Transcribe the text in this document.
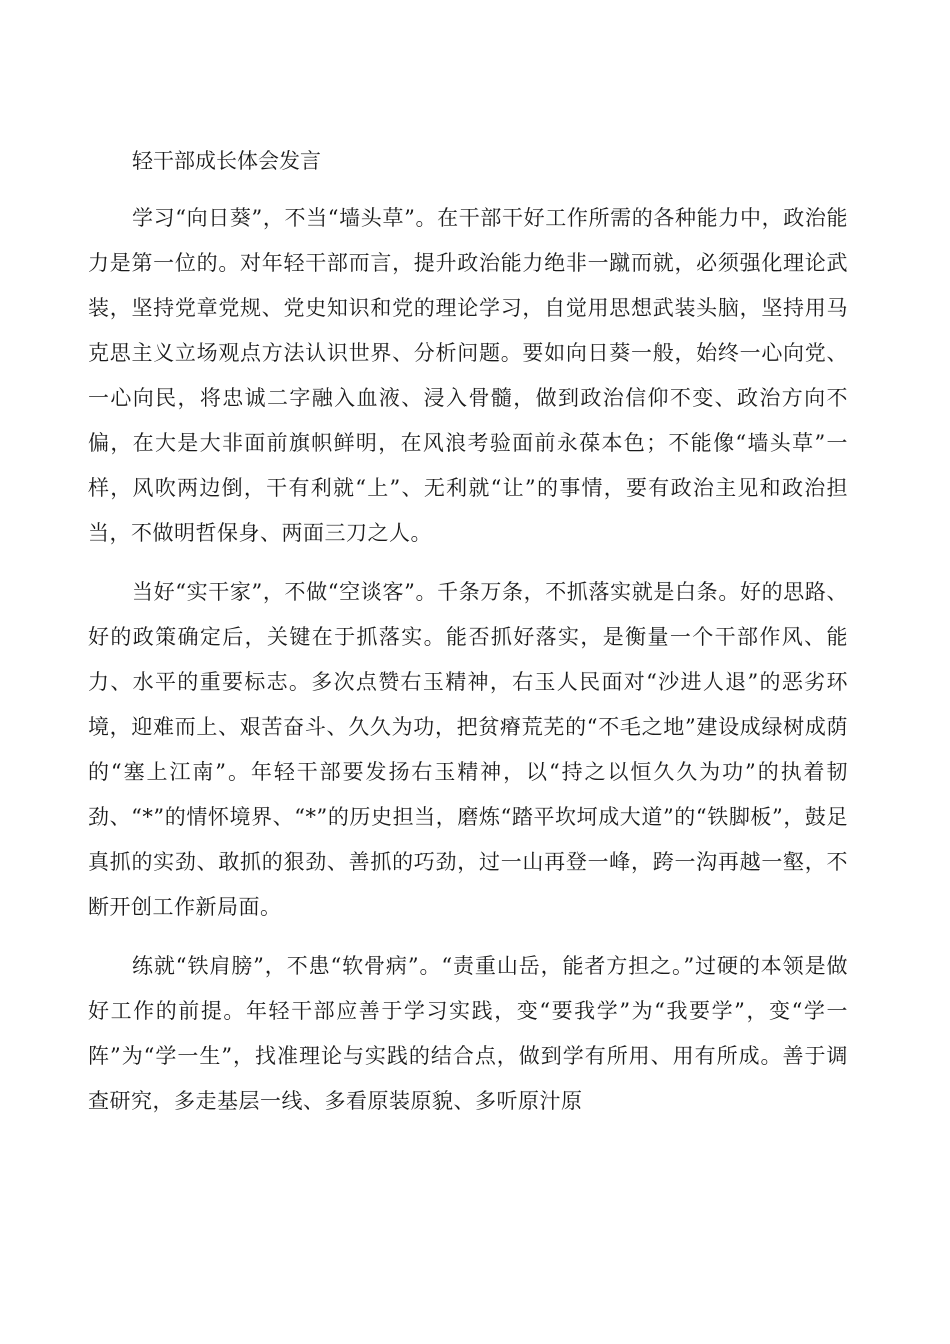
轻干部成长体会发言

学习“向日葵”，不当“墙头草”。在干部干好工作所需的各种能力中，政治能力是第一位的。对年轻干部而言，提升政治能力绝非一蹴而就，必须强化理论武装，坚持党章党规、党史知识和党的理论学习，自觉用思想武装头脑，坚持用马克思主义立场观点方法认识世界、分析问题。要如向日葵一般，始终一心向党、一心向民，将忠诚二字融入血液、浸入骨髓，做到政治信仰不变、政治方向不偏，在大是大非面前旗帜鲜明，在风浪考验面前永葆本色；不能像“墙头草”一样，风吹两边倒，干有利就“上”、无利就“让”的事情，要有政治主见和政治担当，不做明哲保身、两面三刀之人。

当好“实干家”，不做“空谈客”。千条万条，不抓落实就是白条。好的思路、好的政策确定后，关键在于抓落实。能否抓好落实，是衡量一个干部作风、能力、水平的重要标志。多次点赞右玉精神，右玉人民面对“沙进人退”的恶劣环境，迎难而上、艰苦奋斗、久久为功，把贫瘠荒芜的“不毛之地”建设成绿树成荫的“塞上江南”。年轻干部要发扬右玉精神，以“持之以恒久久为功”的执着韧劲、“*”的情怀境界、“*”的历史担当，磨炼“踏平坎坷成大道”的“铁脚板”，鼓足真抓的实劲、敢抓的狠劲、善抓的巧劲，过一山再登一峰，跨一沟再越一壑，不断开创工作新局面。

练就“铁肩膀”，不患“软骨病”。“责重山岳，能者方担之。”过硬的本领是做好工作的前提。年轻干部应善于学习实践，变“要我学”为“我要学”，变“学一阵”为“学一生”，找准理论与实践的结合点，做到学有所用、用有所成。善于调查研究，多走基层一线、多看原装原貌、多听原汁原
